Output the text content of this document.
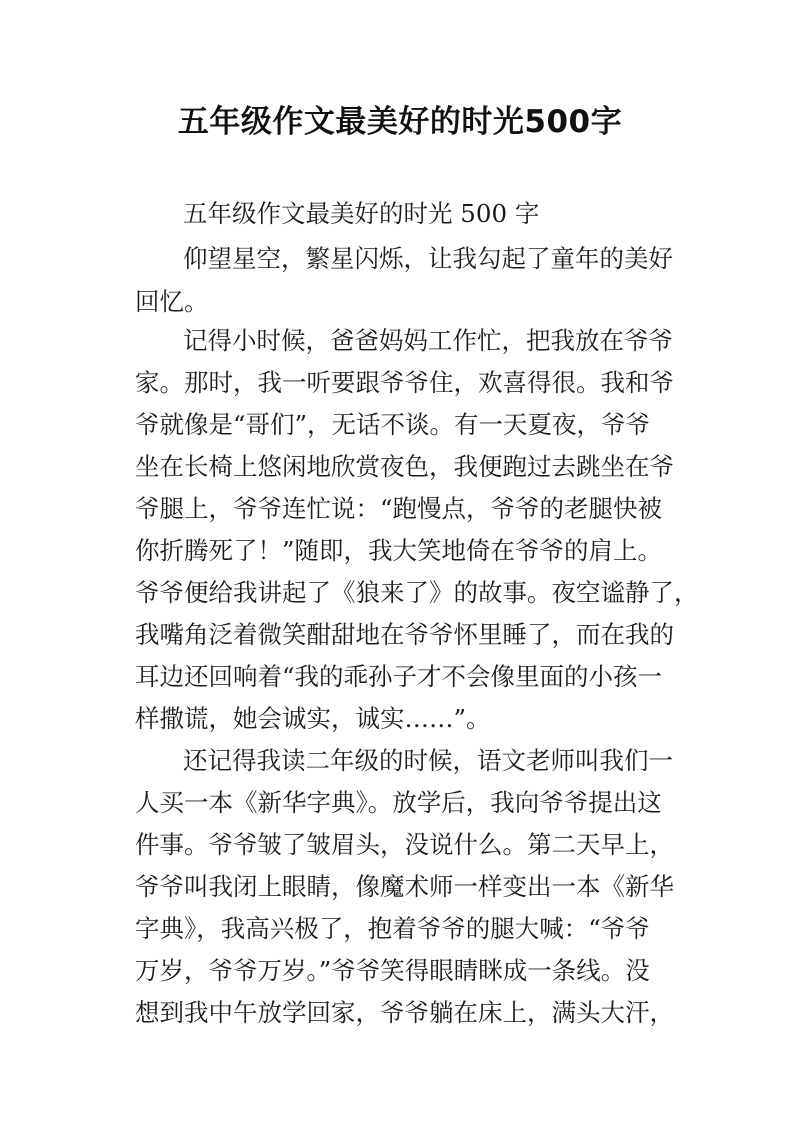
五年级作文最美好的时光500字
五年级作文最美好的时光 500 字
仰望星空，繁星闪烁，让我勾起了童年的美好
回忆。
记得小时候，爸爸妈妈工作忙，把我放在爷爷
家。那时，我一听要跟爷爷住，欢喜得很。我和爷
爷就像是“哥们”，无话不谈。有一天夏夜，爷爷
坐在长椅上悠闲地欣赏夜色，我便跑过去跳坐在爷
爷腿上，爷爷连忙说：“跑慢点，爷爷的老腿快被
你折腾死了！”随即，我大笑地倚在爷爷的肩上。
爷爷便给我讲起了《狼来了》的故事。夜空谧静了，
我嘴角泛着微笑酣甜地在爷爷怀里睡了，而在我的
耳边还回响着“我的乖孙子才不会像里面的小孩一
样撒谎，她会诚实，诚实……”。
还记得我读二年级的时候，语文老师叫我们一
人买一本《新华字典》。放学后，我向爷爷提出这
件事。爷爷皱了皱眉头，没说什么。第二天早上，
爷爷叫我闭上眼睛，像魔术师一样变出一本《新华
字典》，我高兴极了，抱着爷爷的腿大喊：“爷爷
万岁，爷爷万岁。”爷爷笑得眼睛眯成一条线。没
想到我中午放学回家，爷爷躺在床上，满头大汗，
